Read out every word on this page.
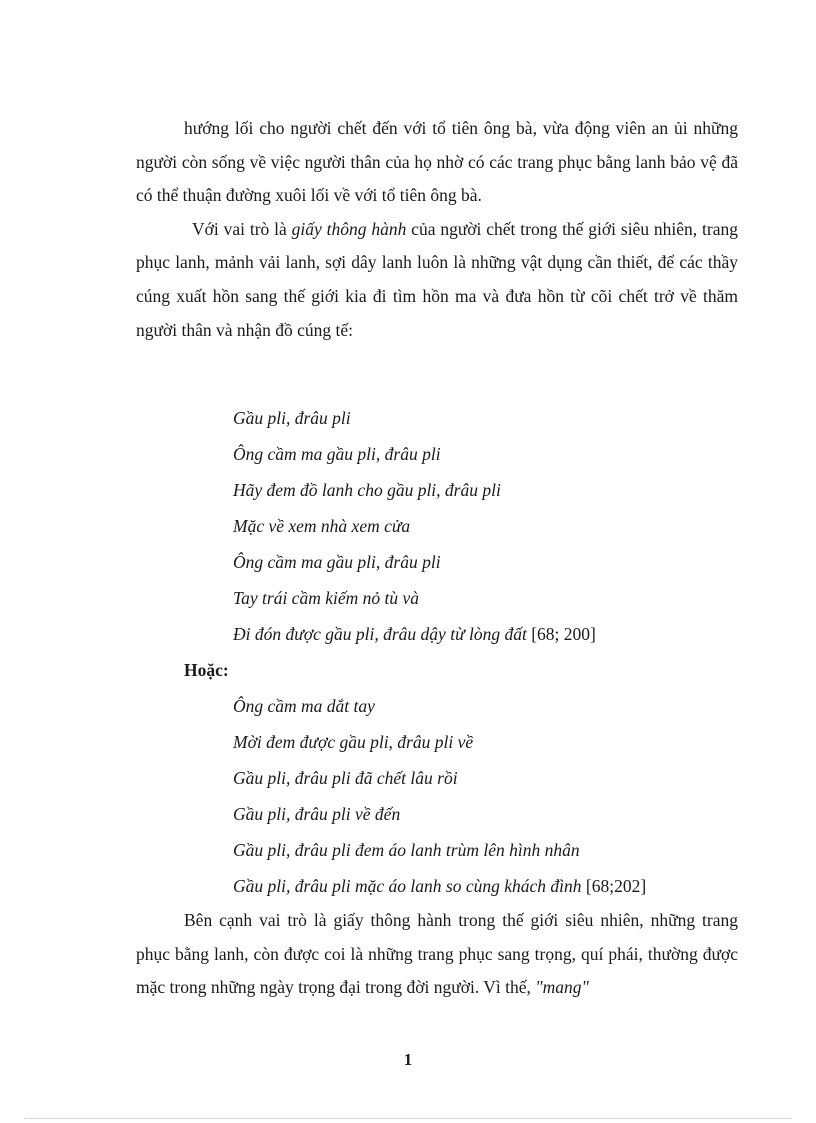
hướng lối cho người chết đến với tổ tiên ông bà, vừa động viên an ủi những người còn sống về việc người thân của họ nhờ có các trang phục bằng lanh bảo vệ đã có thể thuận đường xuôi lối về với tổ tiên ông bà.

Với vai trò là giấy thông hành của người chết trong thế giới siêu nhiên, trang phục lanh, mảnh vải lanh, sợi dây lanh luôn là những vật dụng cần thiết, để các thầy cúng xuất hồn sang thế giới kia đi tìm hồn ma và đưa hồn từ cõi chết trở về thăm người thân và nhận đồ cúng tế:

Gầu pli, đrâu pli
Ông cầm ma gầu pli, đrâu pli
Hãy đem đồ lanh cho gầu pli, đrâu pli
Mặc về xem nhà xem cửa
Ông cầm ma gầu pli, đrâu pli
Tay trái cầm kiếm nỏ tù và
Đi đón được gầu pli, đrâu dậy từ lòng đất [68; 200]

Hoặc:

Ông cầm ma dắt tay
Mời đem được gầu pli, đrâu pli về
Gầu pli, đrâu pli đã chết lâu rồi
Gầu pli, đrâu pli về đến
Gầu pli, đrâu pli đem áo lanh trùm lên hình nhân
Gầu pli, đrâu pli mặc áo lanh so cùng khách đình [68;202]

Bên cạnh vai trò là giấy thông hành trong thế giới siêu nhiên, những trang phục bằng lanh, còn được coi là những trang phục sang trọng, quí phái, thường được mặc trong những ngày trọng đại trong đời người. Vì thế, "mang"

1
